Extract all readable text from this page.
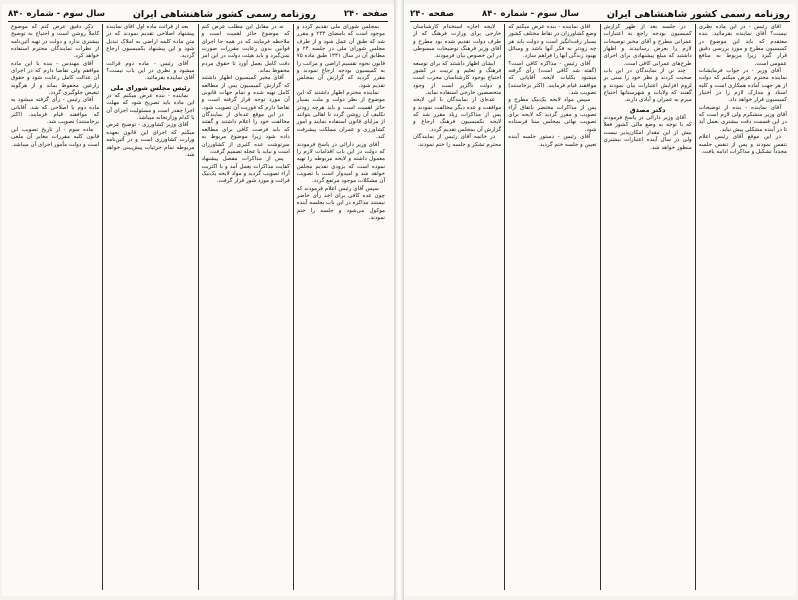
صفحه ۲۴۰
روزنامه رسمی کشور شاهنشاهی ایران
سال سوم - شماره ۸۴۰

بمجلس شورای ملی تقدیم گردد و موجود است که بامضای ۲۴۳ و مقرر شد که طبق آن عمل شود و از طرف مجلس شورای ملی در جلسه ۲۴ و مطابق آن در سال ۱۳۳۱ طبق ماده ۷۵ قانون نحوه تقسیم اراضی و مراتب را به کمیسیون بودجه ارجاع نمودند و مقرر گردید که گزارش آن بمجلس تقدیم شود.

نماینده محترم اظهار داشتند که این موضوع از نظر دولت و ملت بسیار حائز اهمیت است و باید هرچه زودتر تکلیف آن روشن گردد تا اهالی بتوانند از مزایای قانون استفاده نمایند و امور کشاورزی و عمران مملکت پیشرفت کند.

آقای وزیر دارائی در پاسخ فرمودند که دولت در این باب اقدامات لازم را معمول داشته و لایحه مربوطه را تهیه نموده است که بزودی تقدیم مجلس خواهد شد و امیدوار است با تصویب آن مشکلات موجود مرتفع گردد.

سپس آقای رئیس اعلام فرمودند که چون عده کافی برای اخذ رأی حاضر نیستند مذاکره در این باب بجلسه آینده موکول می‌شود و جلسه را ختم نمودند.

نه در مقابل این مطلب عرض کنم که موضوع حائز اهمیت است و ملاحظه فرمایند که در همه جا اجرای قوانین بدون رعایت مقررات صورت نمی‌گیرد و باید هیئت دولت در این امر دقت کامل بعمل آورد تا حقوق مردم محفوظ بماند.

آقای مخبر کمیسیون اظهار داشتند که گزارش کمیسیون پس از مطالعه کامل تهیه شده و تمام جهات قانونی آن مورد توجه قرار گرفته است و تقاضا دارم که فوریت آن تصویب شود.

در این موقع عده‌ای از نمایندگان مخالفت خود را اعلام داشتند و گفتند که باید فرصت کافی برای مطالعه داده شود زیرا موضوع مربوط به سرنوشت عده کثیری از کشاورزان است و نباید با عجله تصمیم گرفت.

پس از مذاکرات مفصل پیشنهاد کفایت مذاکرات بعمل آمد و با اکثریت آراء تصویب گردید و مواد لایحه یک‌بیک قرائت و مورد شور قرار گرفت.

بعد از قرائت ماده اول آقای نماینده پیشنهاد اصلاحی تقدیم نمودند که در متن ماده کلمه اراضی به املاک تبدیل شود و این پیشنهاد بکمیسیون ارجاع گردید.

آقای رئیس - ماده دوم قرائت میشود و نظری در این باب نیست؟ آقای نماینده بفرمائید.

رئیس مجلس شورای ملی

نماینده - بنده عرض میکنم که در این ماده باید تصریح شود که مهلت اجرا چقدر است و مسئولیت اجرای آن با کدام وزارتخانه میباشد.

آقای وزیر کشاورزی - توضیح عرض میکنم که اجرای این قانون بعهده وزارت کشاورزی است و در آئین‌نامه مربوطه تمام جزئیات پیش‌بینی خواهد شد.

ذکر دقیق عرض کنم که موضوع کاملاً روشن است و احتیاج به توضیح بیشتری ندارد و دولت در تهیه آئین‌نامه از نظرات نمایندگان محترم استفاده خواهد کرد.

آقای مهندس - بنده با این ماده موافقم ولی تقاضا دارم که در اجرای آن عدالت کامل رعایت شود و حقوق زارعین محفوظ بماند و از هرگونه تبعیض جلوگیری گردد.

آقای رئیس - رأی گرفته میشود به ماده دوم با اصلاحی که شد. آقایانی که موافقند قیام فرمایند. (اکثر برخاستند) تصویب شد.

ماده سوم - از تاریخ تصویب این قانون کلیه مقررات مغایر آن ملغی است و دولت مأمور اجرای آن میباشد.

روزنامه رسمی کشور شاهنشاهی ایران
سال سوم - شماره ۸۴۰
صفحه ۲۴۰

آقای رئیس - در این ماده نظری نیست؟ آقای نماینده بفرمائید. بنده معتقدم که باید این موضوع در کمیسیون مطرح و مورد بررسی دقیق قرار گیرد زیرا مربوط به منافع عمومی است.

آقای وزیر - در جواب فرمایشات نماینده محترم عرض میکنم که دولت از هر جهت آماده همکاری است و کلیه اسناد و مدارک لازم را در اختیار کمیسیون قرار خواهد داد.

آقای نماینده - بنده از توضیحات آقای وزیر متشکرم ولی لازم است که در این قسمت دقت بیشتری بعمل آید تا در آینده مشکلی پیش نیاید.

در این موقع آقای رئیس اعلام تنفس نمودند و پس از تنفس جلسه مجدداً تشکیل و مذاکرات ادامه یافت.

در جلسه بعد از ظهر گزارش کمیسیون بودجه راجع به اعتبارات عمرانی مطرح و آقای مخبر توضیحات لازم را بعرض رسانیدند و اظهار داشتند که مبلغ پیشنهادی برای اجرای طرح‌های عمرانی کافی است.

چند تن از نمایندگان در این باب صحبت کردند و نظر خود را مبنی بر لزوم افزایش اعتبارات بیان نمودند و گفتند که ولایات و شهرستانها احتیاج مبرم به عمران و آبادی دارند.

دکتر مصدق

آقای وزیر دارائی در پاسخ فرمودند که با توجه به وضع مالی کشور فعلاً بیش از این مقدار امکان‌پذیر نیست ولی در سال آینده اعتبارات بیشتری منظور خواهد شد.

آقای نماینده - بنده عرض میکنم که وضع کشاورزان در نقاط مختلف کشور بسیار رقت‌انگیز است و دولت باید هر چه زودتر به فکر آنها باشد و وسائل بهبود زندگی آنها را فراهم سازد.

آقای رئیس - مذاکره کافی است؟ (گفته شد کافی است) رأی گرفته میشود بکلیات لایحه. آقایانی که موافقند قیام فرمایند. (اکثر برخاستند) تصویب شد.

سپس مواد لایحه یک‌بیک مطرح و پس از مذاکرات مختصر باتفاق آراء تصویب و مقرر گردید که لایحه برای تصویب نهائی بمجلس سنا فرستاده شود.

آقای رئیس - دستور جلسه آینده تعیین و جلسه ختم گردید.

لایحه اجازه استخدام کارشناسان خارجی برای وزارت فرهنگ که از طرف دولت تقدیم شده بود مطرح و آقای وزیر فرهنگ توضیحات مبسوطی در این خصوص بیان فرمودند.

ایشان اظهار داشتند که برای توسعه فرهنگ و تعلیم و تربیت در کشور احتیاج بوجود کارشناسان مجرب است و دولت ناگزیر است از وجود متخصصین خارجی استفاده نماید.

عده‌ای از نمایندگان با این لایحه موافقت و عده دیگر مخالفت نمودند و پس از مذاکرات زیاد مقرر شد که لایحه بکمیسیون فرهنگ ارجاع و گزارش آن بمجلس تقدیم گردد.

در خاتمه آقای رئیس از نمایندگان محترم تشکر و جلسه را ختم نمودند.
